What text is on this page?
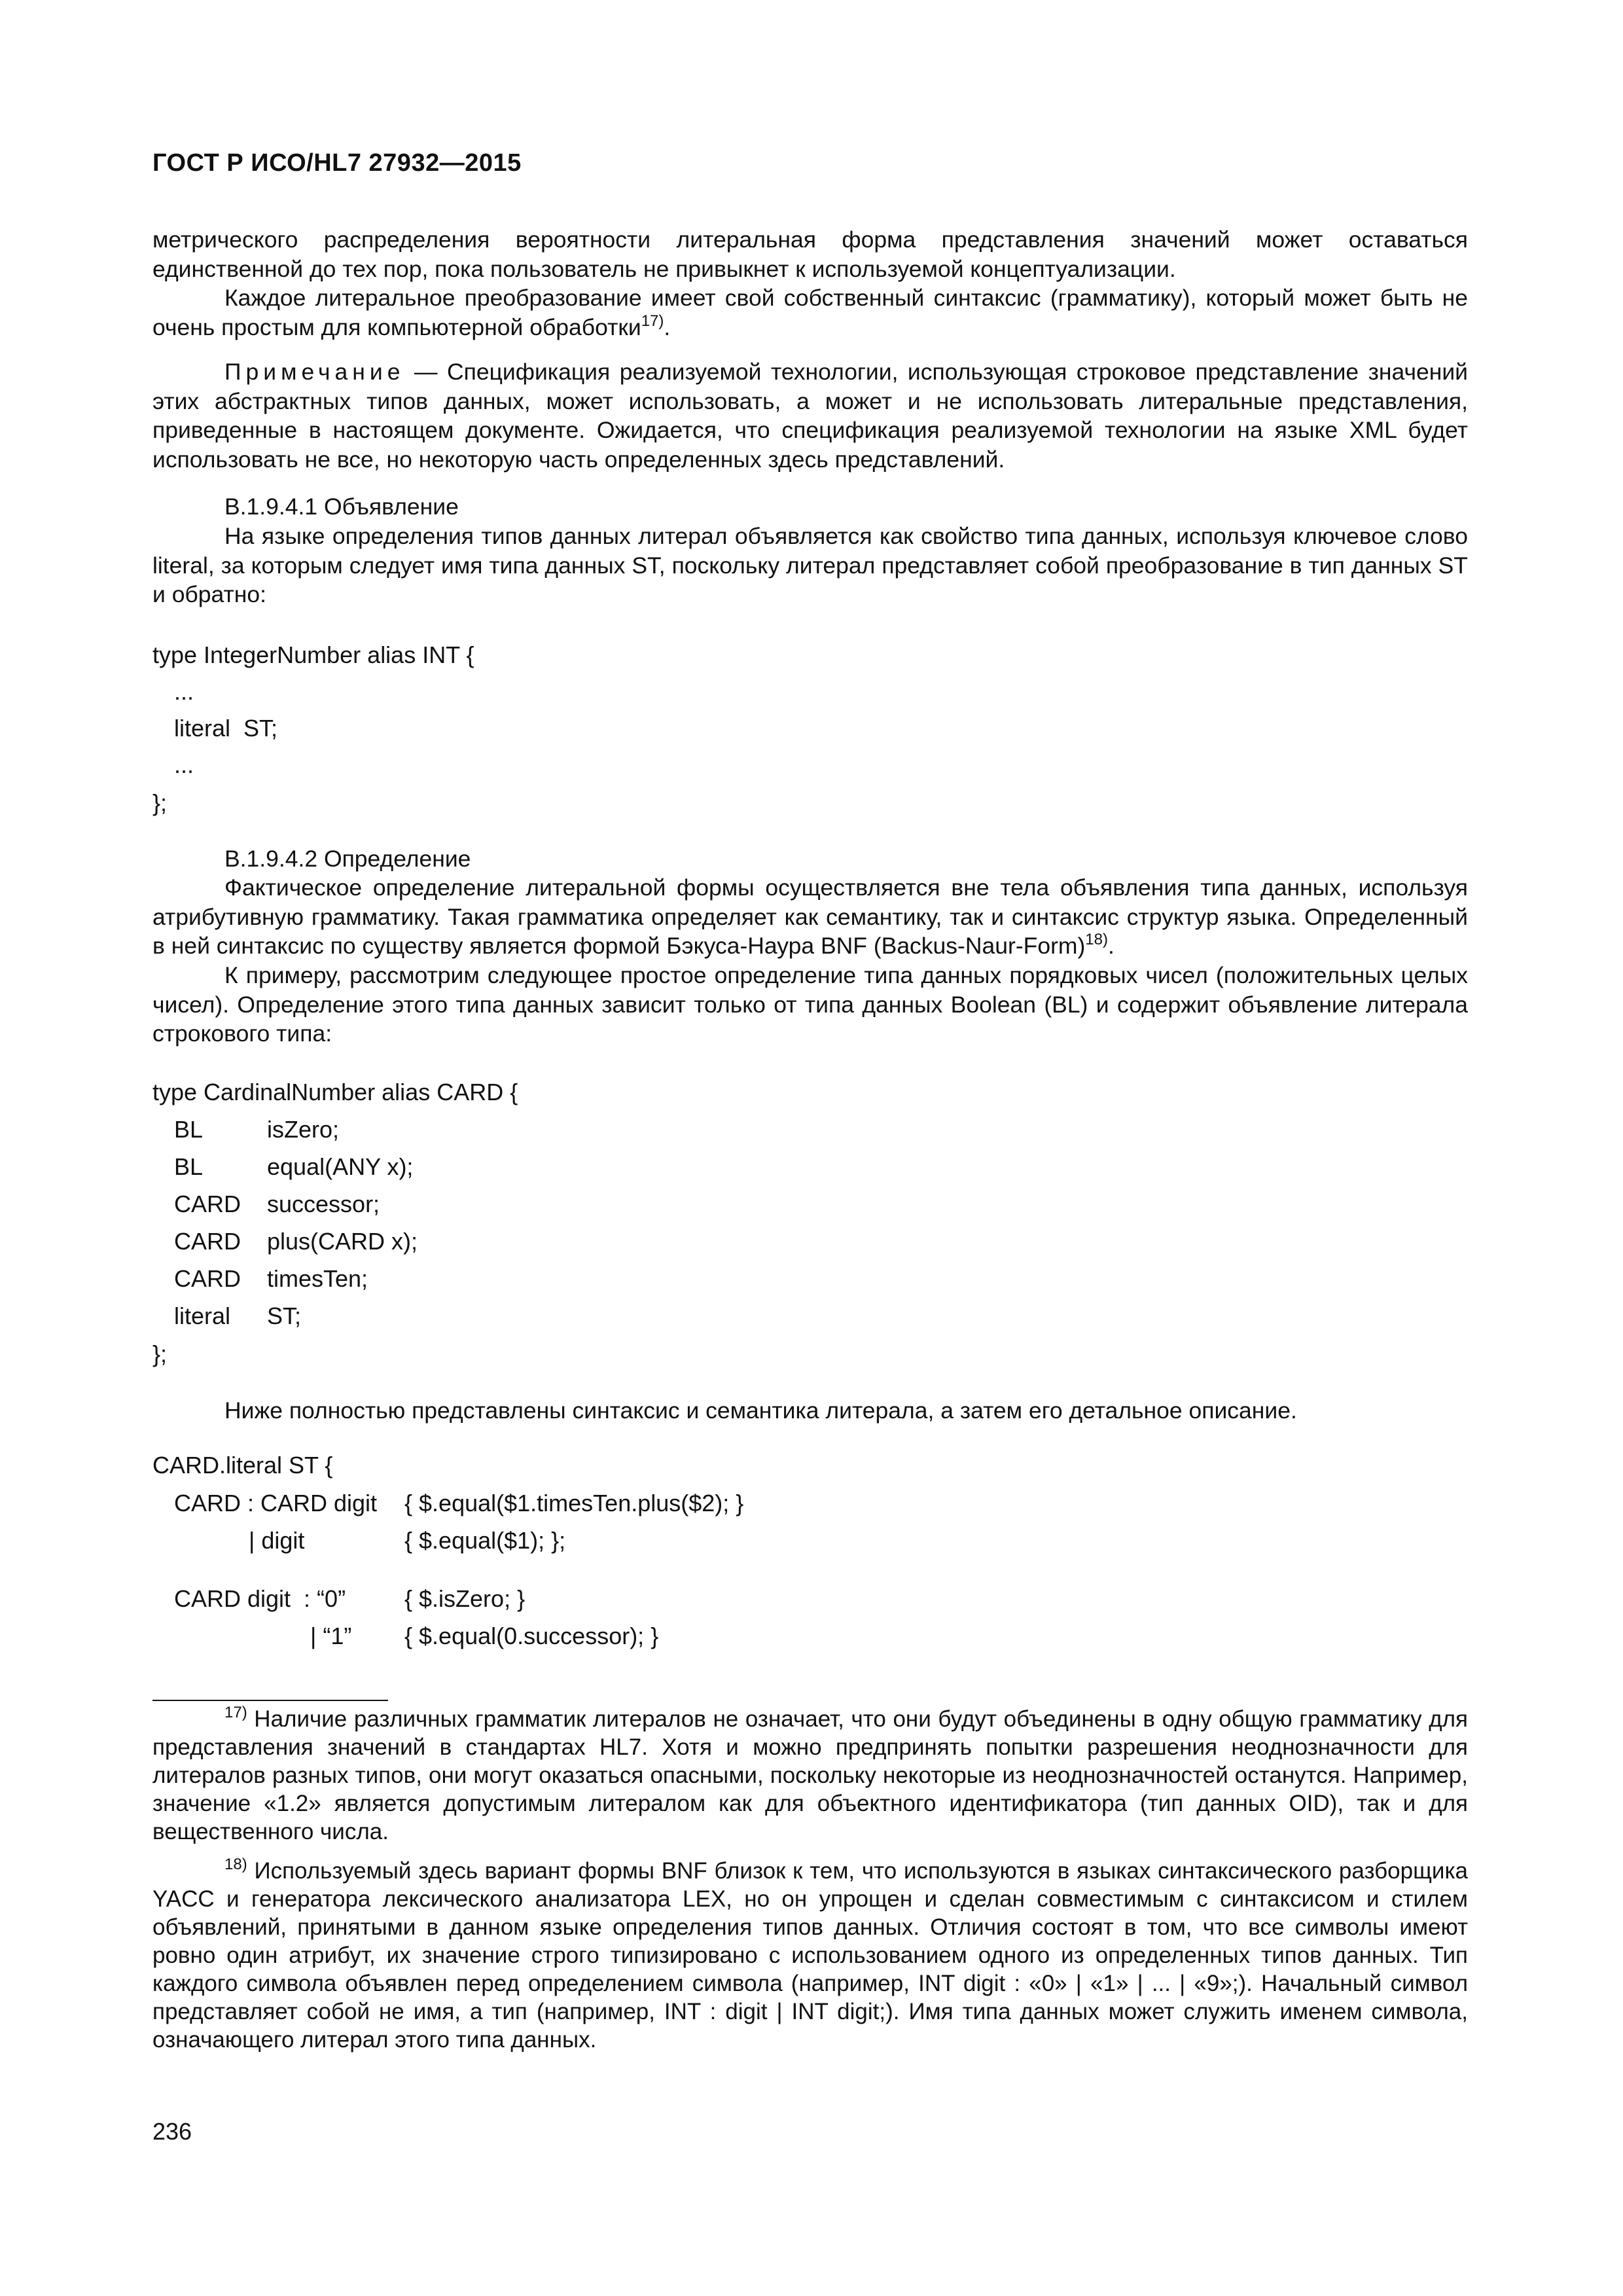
ГОСТ Р ИСО/HL7 27932—2015
метрического распределения вероятности литеральная форма представления значений может оставаться единственной до тех пор, пока пользователь не привыкнет к используемой концептуализации.
Каждое литеральное преобразование имеет свой собственный синтаксис (грамматику), который может быть не очень простым для компьютерной обработки$^{17)}$.
Примечание — Спецификация реализуемой технологии, использующая строковое представление значений этих абстрактных типов данных, может использовать, а может и не использовать литеральные представления, приведенные в настоящем документе. Ожидается, что спецификация реализуемой технологии на языке XML будет использовать не все, но некоторую часть определенных здесь представлений.
B.1.9.4.1 Объявление
На языке определения типов данных литерал объявляется как свойство типа данных, используя ключевое слово literal, за которым следует имя типа данных ST, поскольку литерал представляет собой преобразование в тип данных ST и обратно:
type IntegerNumber alias INT {
...
literal  ST;
...
};
B.1.9.4.2 Определение
Фактическое определение литеральной формы осуществляется вне тела объявления типа данных, используя атрибутивную грамматику. Такая грамматика определяет как семантику, так и синтаксис структур языка. Определенный в ней синтаксис по существу является формой Бэкуса-Наура BNF (Backus-Naur-Form)$^{18)}$.
К примеру, рассмотрим следующее простое определение типа данных порядковых чисел (положительных целых чисел). Определение этого типа данных зависит только от типа данных Boolean (BL) и содержит объявление литерала строкового типа:
type CardinalNumber alias CARD {
BL	isZero;
BL	equal(ANY x);
CARD successor;
CARD plus(CARD x);
CARD timesTen;
literal ST;
};
Ниже полностью представлены синтаксис и семантика литерала, а затем его детальное описание.
CARD.literal ST {
CARD : CARD digit { $.equal($1.timesTen.plus($2); }
| digit	{ $.equal($1); };
CARD digit  : “0” { $.isZero; }
| “1” { $.equal(0.successor); }
$^{17)}$ Наличие различных грамматик литералов не означает, что они будут объединены в одну общую грамматику для представления значений в стандартах HL7. Хотя и можно предпринять попытки разрешения неоднозначности для литералов разных типов, они могут оказаться опасными, поскольку некоторые из неоднозначностей останутся. Например, значение «1.2» является допустимым литералом как для объектного идентификатора (тип данных OID), так и для вещественного числа.
$^{18)}$ Используемый здесь вариант формы BNF близок к тем, что используются в языках синтаксического разборщика YACC и генератора лексического анализатора LEX, но он упрощен и сделан совместимым с синтаксисом и стилем объявлений, принятыми в данном языке определения типов данных. Отличия состоят в том, что все символы имеют ровно один атрибут, их значение строго типизировано с использованием одного из определенных типов данных. Тип каждого символа объявлен перед определением символа (например, INT digit : «0» | «1» | ... | «9»;). Начальный символ представляет собой не имя, а тип (например, INT : digit | INT digit;). Имя типа данных может служить именем символа, означающего литерал этого типа данных.
236
